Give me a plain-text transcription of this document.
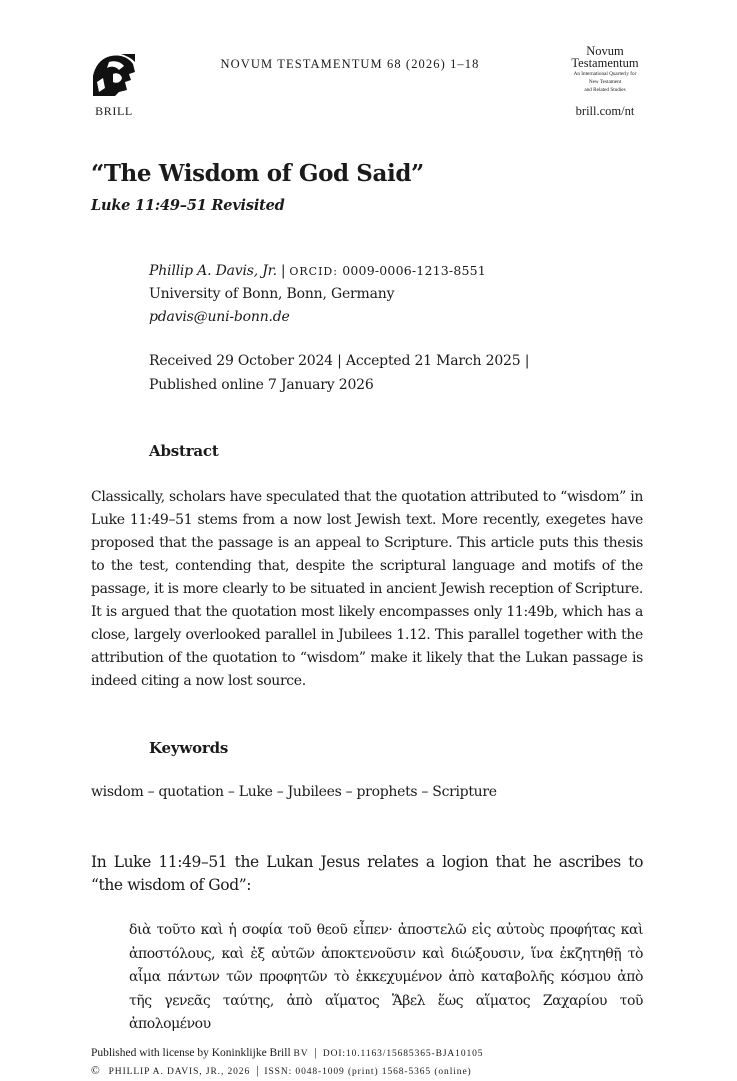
BRILL
NOVUM TESTAMENTUM 68 (2026) 1–18
Novum
Testamentum
An International Quarterly for
New Testament
and Related Studies
brill.com/nt
“The Wisdom of God Said”
Luke 11:49–51 Revisited
Phillip A. Davis, Jr. | ORCID: 0009-0006-1213-8551
University of Bonn, Bonn, Germany
pdavis@uni-bonn.de
Received 29 October 2024 | Accepted 21 March 2025 |
Published online 7 January 2026
Abstract

Classically, scholars have speculated that the quotation attributed to “wisdom” in Luke 11:49–51 stems from a now lost Jewish text. More recently, exegetes have proposed that the passage is an appeal to Scripture. This article puts this thesis to the test, contending that, despite the scriptural language and motifs of the passage, it is more clearly to be situated in ancient Jewish reception of Scripture. It is argued that the quotation most likely encompasses only 11:49b, which has a close, largely overlooked parallel in Jubilees 1.12. This parallel together with the attribution of the quotation to “wisdom” make it likely that the Lukan passage is indeed citing a now lost source.

Keywords
wisdom – quotation – Luke – Jubilees – prophets – Scripture

In Luke 11:49–51 the Lukan Jesus relates a logion that he ascribes to “the wisdom of God”:

διὰ τοῦτο καὶ ἡ σοφία τοῦ θεοῦ εἶπεν· ἀποστελῶ εἰς αὐτοὺς προφήτας καὶ ἀποστόλους, καὶ ἐξ αὐτῶν ἀποκτενοῦσιν καὶ διώξουσιν, ἵνα ἐκζητηθῇ τὸ αἷμα πάντων τῶν προφητῶν τὸ ἐκκεχυμένον ἀπὸ καταβολῆς κόσμου ἀπὸ τῆς γενεᾶς ταύτης, ἀπὸ αἵματος Ἅβελ ἕως αἵματος Ζαχαρίου τοῦ ἀπολομένου

Published with license by Koninklijke Brill BV | DOI:10.1163/15685365-BJA10105
© PHILLIP A. DAVIS, JR., 2026 | ISSN: 0048-1009 (print) 1568-5365 (online)
